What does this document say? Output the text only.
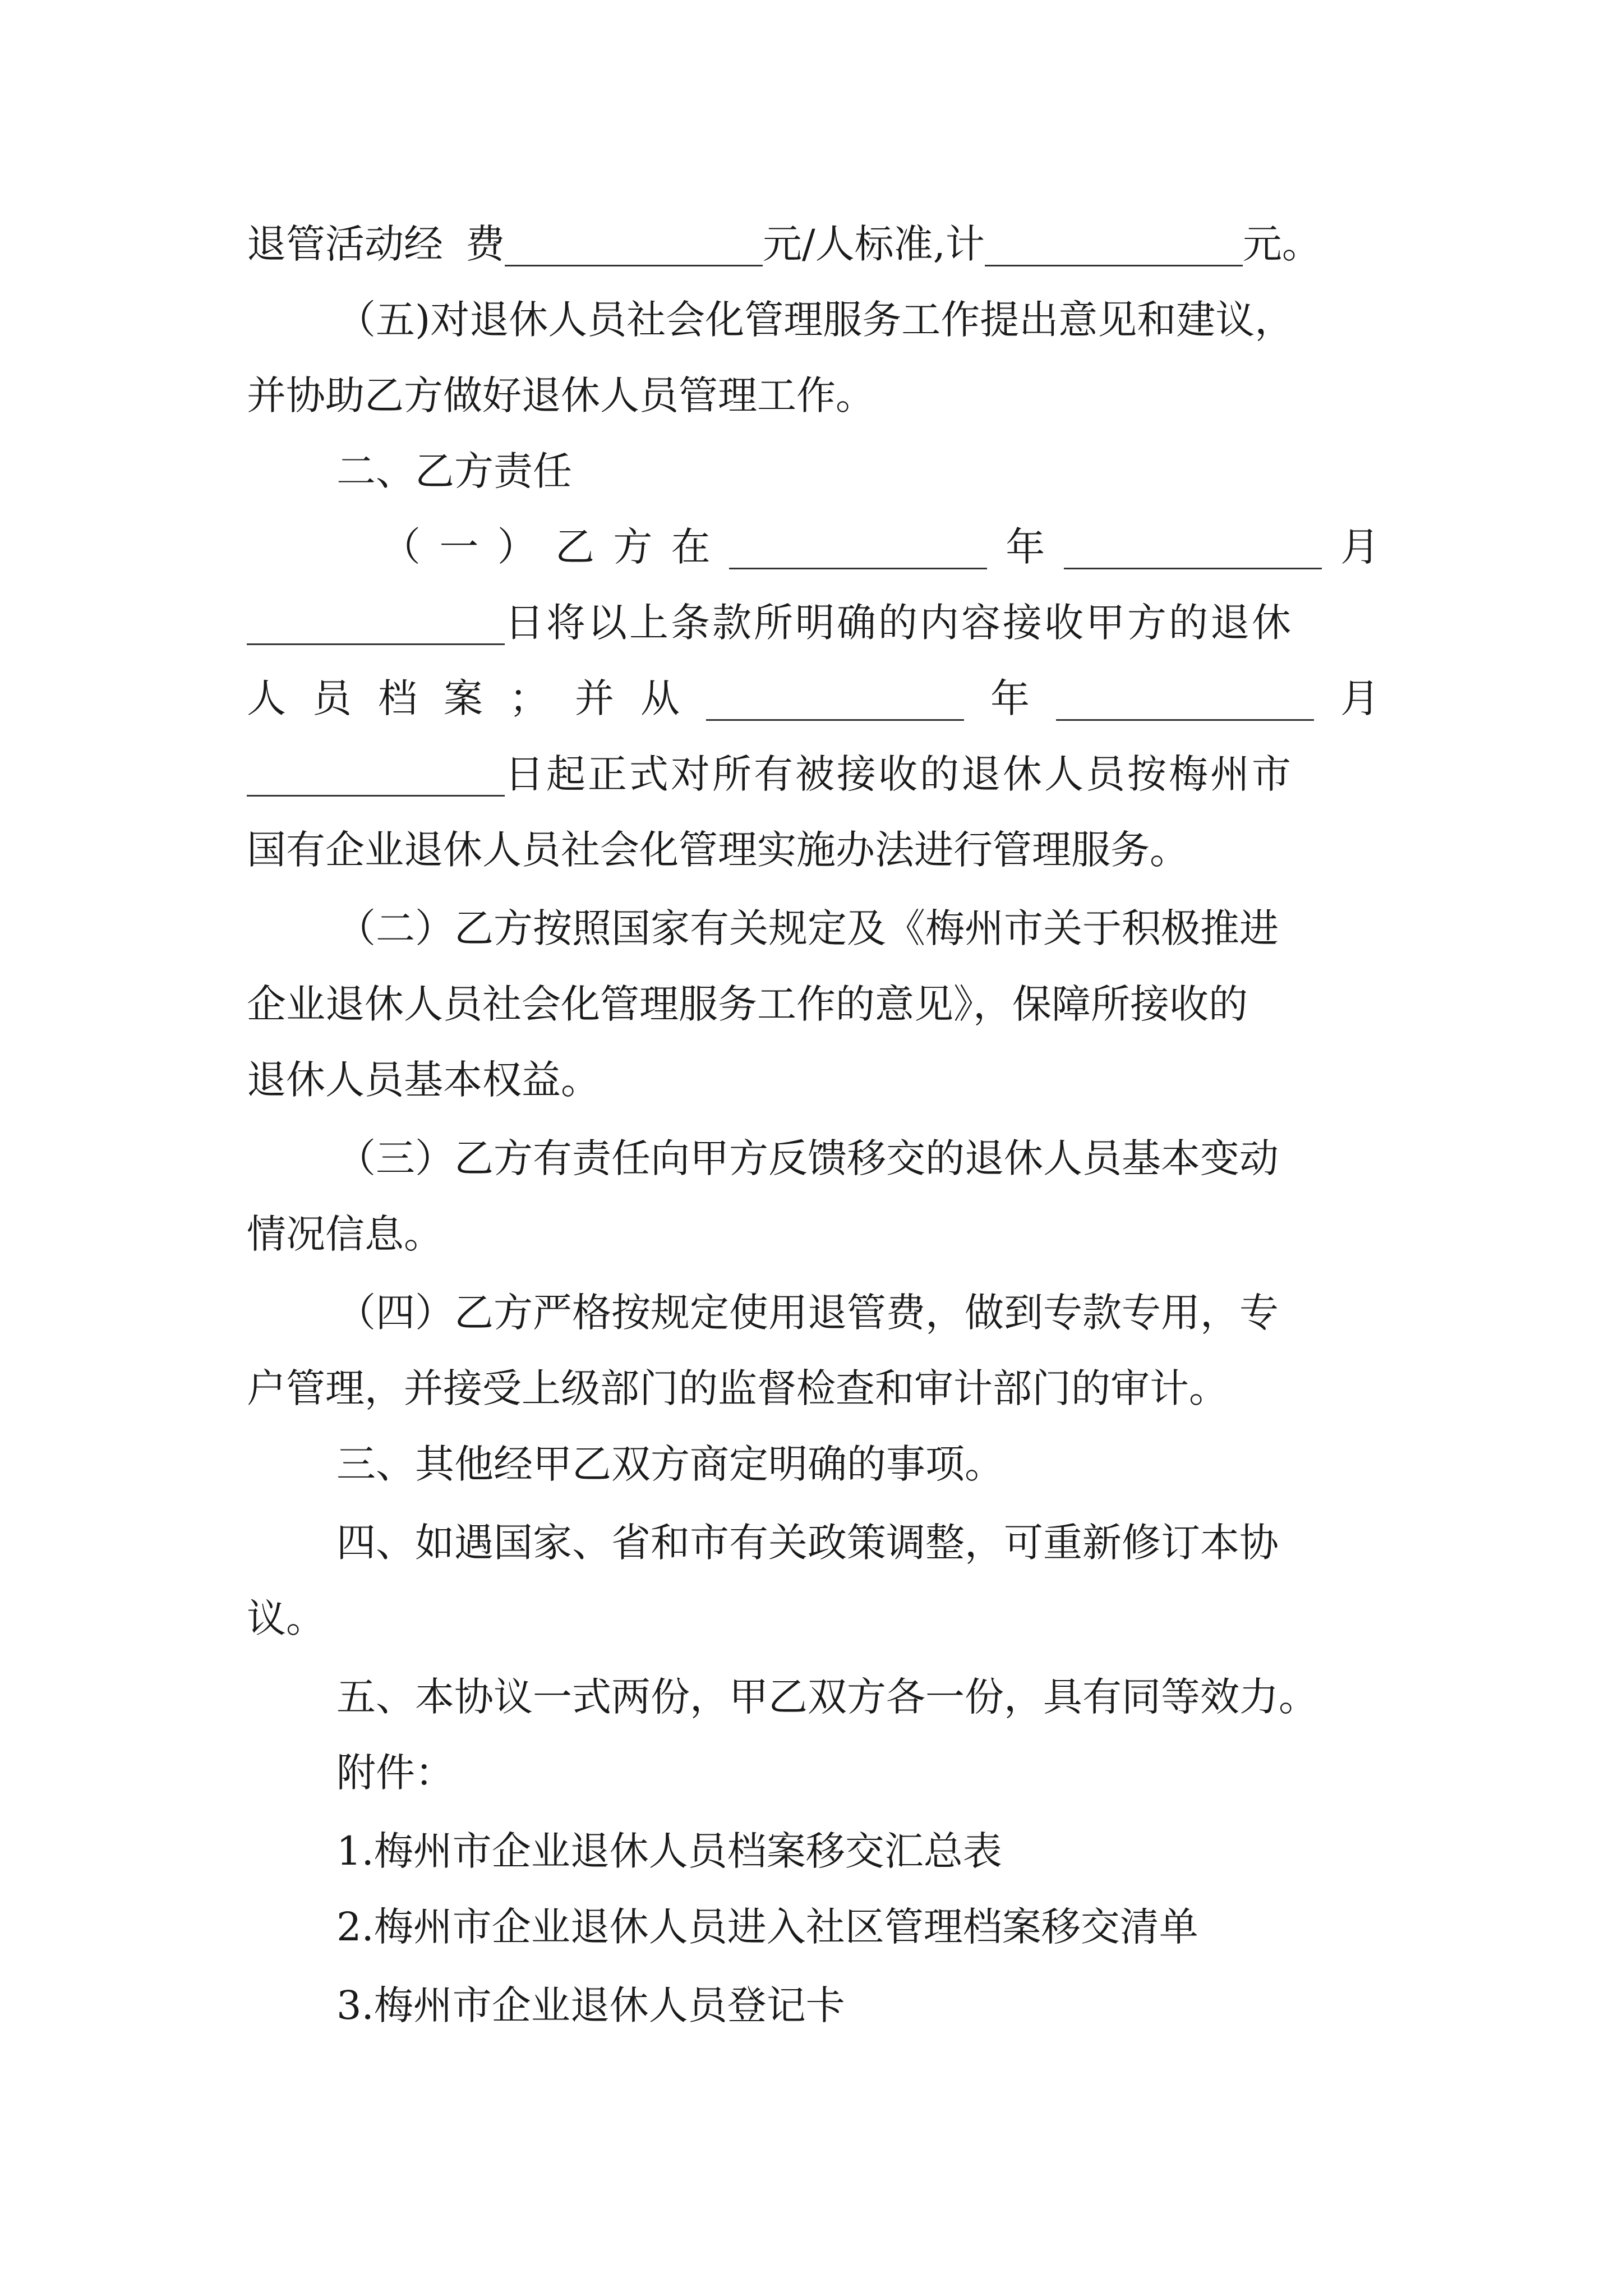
退管活动经 费	元/人标准,计	元。
（五)对退休人员社会化管理服务工作提出意见和建议，
并协助乙方做好退休人员管理工作。
二、乙方责任
（ 一 ） 乙 方 在	年	月
日将以上条款所明确的内容接收甲方的退休
人 员 档 案 ； 并 从	年	月
日起正式对所有被接收的退休人员按梅州市
国有企业退休人员社会化管理实施办法进行管理服务。
（二）乙方按照国家有关规定及《梅州市关于积极推进
企业退休人员社会化管理服务工作的意见》，保障所接收的
退休人员基本权益。
（三）乙方有责任向甲方反馈移交的退休人员基本变动
情况信息。
（四）乙方严格按规定使用退管费，做到专款专用，专
户管理，并接受上级部门的监督检查和审计部门的审计。
三、其他经甲乙双方商定明确的事项。
四、如遇国家、省和市有关政策调整，可重新修订本协
议。
五、本协议一式两份，甲乙双方各一份，具有同等效力。
附件：
1.梅州市企业退休人员档案移交汇总表
2.梅州市企业退休人员进入社区管理档案移交清单
3.梅州市企业退休人员登记卡
